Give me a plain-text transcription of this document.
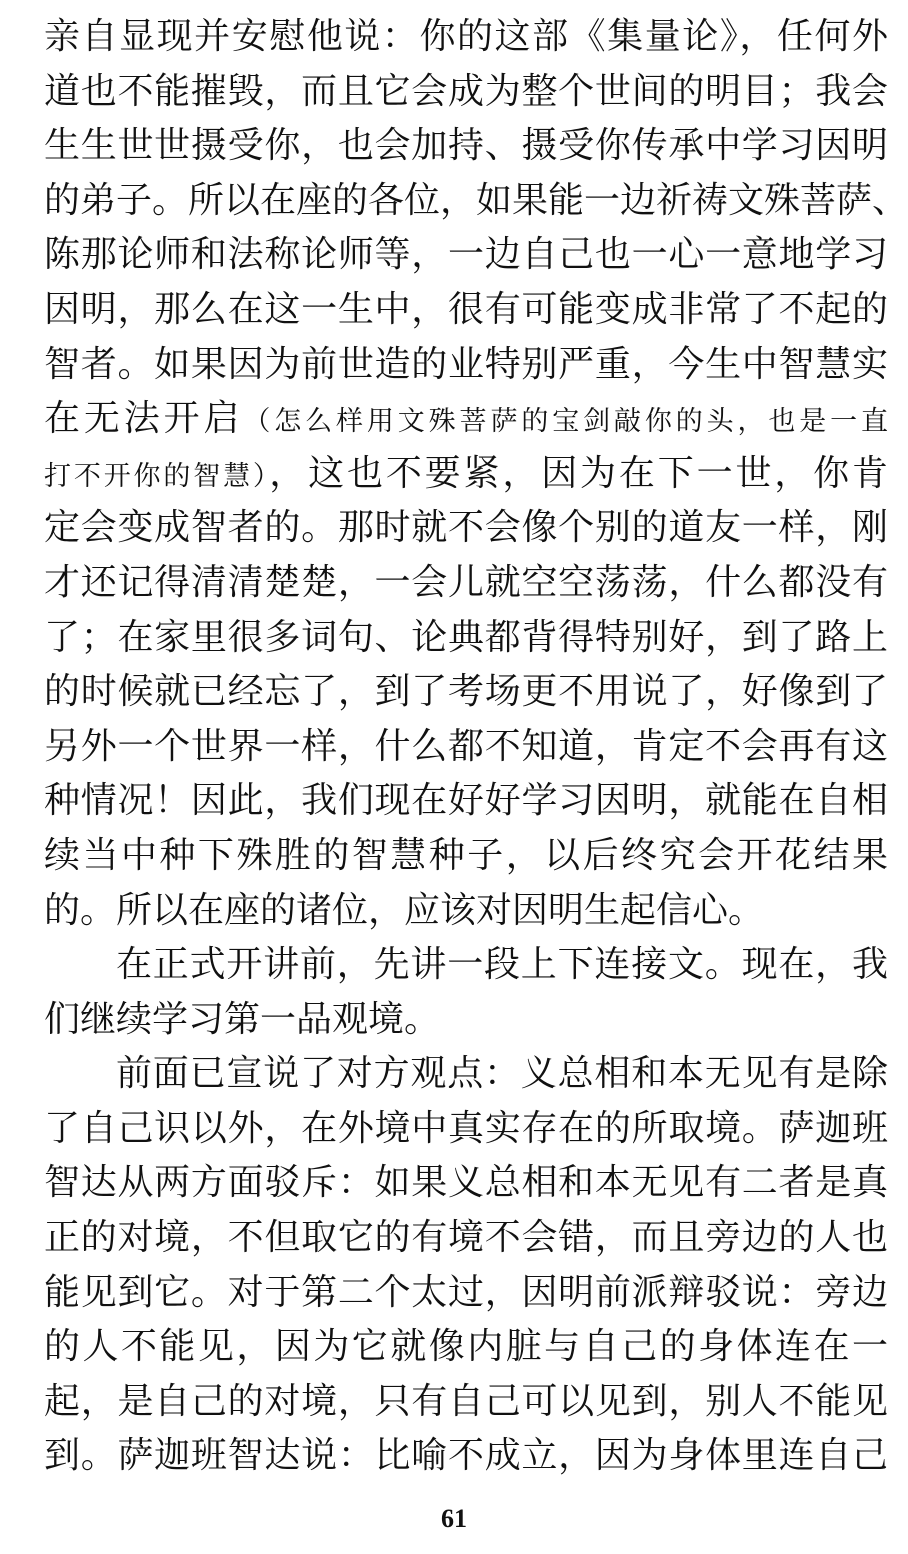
亲自显现并安慰他说：你的这部《集量论》，任何外
道也不能摧毁，而且它会成为整个世间的明目；我会
生生世世摄受你，也会加持、摄受你传承中学习因明
的弟子。所以在座的各位，如果能一边祈祷文殊菩萨、
陈那论师和法称论师等，一边自己也一心一意地学习
因明，那么在这一生中，很有可能变成非常了不起的
智者。如果因为前世造的业特别严重，今生中智慧实
在无法开启（怎么样用文殊菩萨的宝剑敲你的头，也是一直
打不开你的智慧），这也不要紧，因为在下一世，你肯
定会变成智者的。那时就不会像个别的道友一样，刚
才还记得清清楚楚，一会儿就空空荡荡，什么都没有
了；在家里很多词句、论典都背得特别好，到了路上
的时候就已经忘了，到了考场更不用说了，好像到了
另外一个世界一样，什么都不知道，肯定不会再有这
种情况！因此，我们现在好好学习因明，就能在自相
续当中种下殊胜的智慧种子，以后终究会开花结果
的。所以在座的诸位，应该对因明生起信心。
在正式开讲前，先讲一段上下连接文。现在，我
们继续学习第一品观境。
前面已宣说了对方观点：义总相和本无见有是除
了自己识以外，在外境中真实存在的所取境。萨迦班
智达从两方面驳斥：如果义总相和本无见有二者是真
正的对境，不但取它的有境不会错，而且旁边的人也
能见到它。对于第二个太过，因明前派辩驳说：旁边
的人不能见，因为它就像内脏与自己的身体连在一
起，是自己的对境，只有自己可以见到，别人不能见
到。萨迦班智达说：比喻不成立，因为身体里连自己
61
